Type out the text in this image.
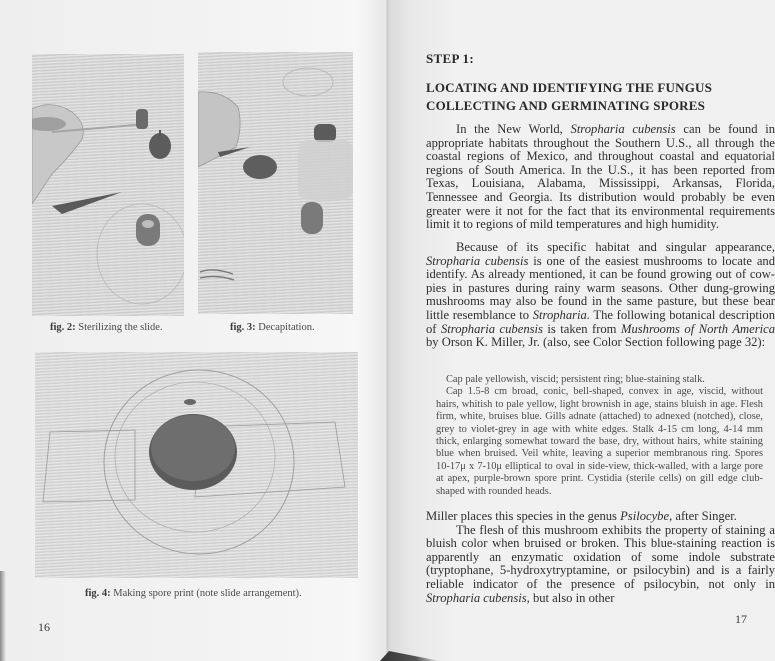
fig. 2: Sterilizing the slide.	fig. 3: Decapitation.
fig. 4: Making spore print (note slide arrangement).
16
STEP 1:
LOCATING AND IDENTIFYING THE FUNGUS
COLLECTING AND GERMINATING SPORES

In the New World, Stropharia cubensis can be found in appropriate habitats throughout the Southern U.S., all through the coastal regions of Mexico, and throughout coastal and equatorial regions of South America. In the U.S., it has been reported from Texas, Louisiana, Alabama, Mississippi, Arkansas, Florida, Tennessee and Georgia. Its distribution would probably be even greater were it not for the fact that its environmental requirements limit it to regions of mild temperatures and high humidity.

Because of its specific habitat and singular appearance, Stropharia cubensis is one of the easiest mushrooms to locate and identify. As already mentioned, it can be found growing out of cow-pies in pastures during rainy warm seasons. Other dung-growing mushrooms may also be found in the same pasture, but these bear little resemblance to Stropharia. The following botanical description of Stropharia cubensis is taken from Mushrooms of North America by Orson K. Miller, Jr. (also, see Color Section following page 32):

Cap pale yellowish, viscid; persistent ring; blue-staining stalk.

Cap 1.5-8 cm broad, conic, bell-shaped, convex in age, viscid, without hairs, whitish to pale yellow, light brownish in age, stains bluish in age. Flesh firm, white, bruises blue. Gills adnate (attached) to adnexed (notched), close, grey to violet-grey in age with white edges. Stalk 4-15 cm long, 4-14 mm thick, enlarging somewhat toward the base, dry, without hairs, white staining blue when bruised. Veil white, leaving a superior membranous ring. Spores 10-17μ x 7-10μ elliptical to oval in side-view, thick-walled, with a large pore at apex, purple-brown spore print. Cystidia (sterile cells) on gill edge club-shaped with rounded heads.

Miller places this species in the genus Psilocybe, after Singer.

The flesh of this mushroom exhibits the property of staining a bluish color when bruised or broken. This blue-staining reaction is apparently an enzymatic oxidation of some indole substrate (tryptophane, 5-hydroxytryptamine, or psilocybin) and is a fairly reliable indicator of the presence of psilocybin, not only in Stropharia cubensis, but also in other

17
